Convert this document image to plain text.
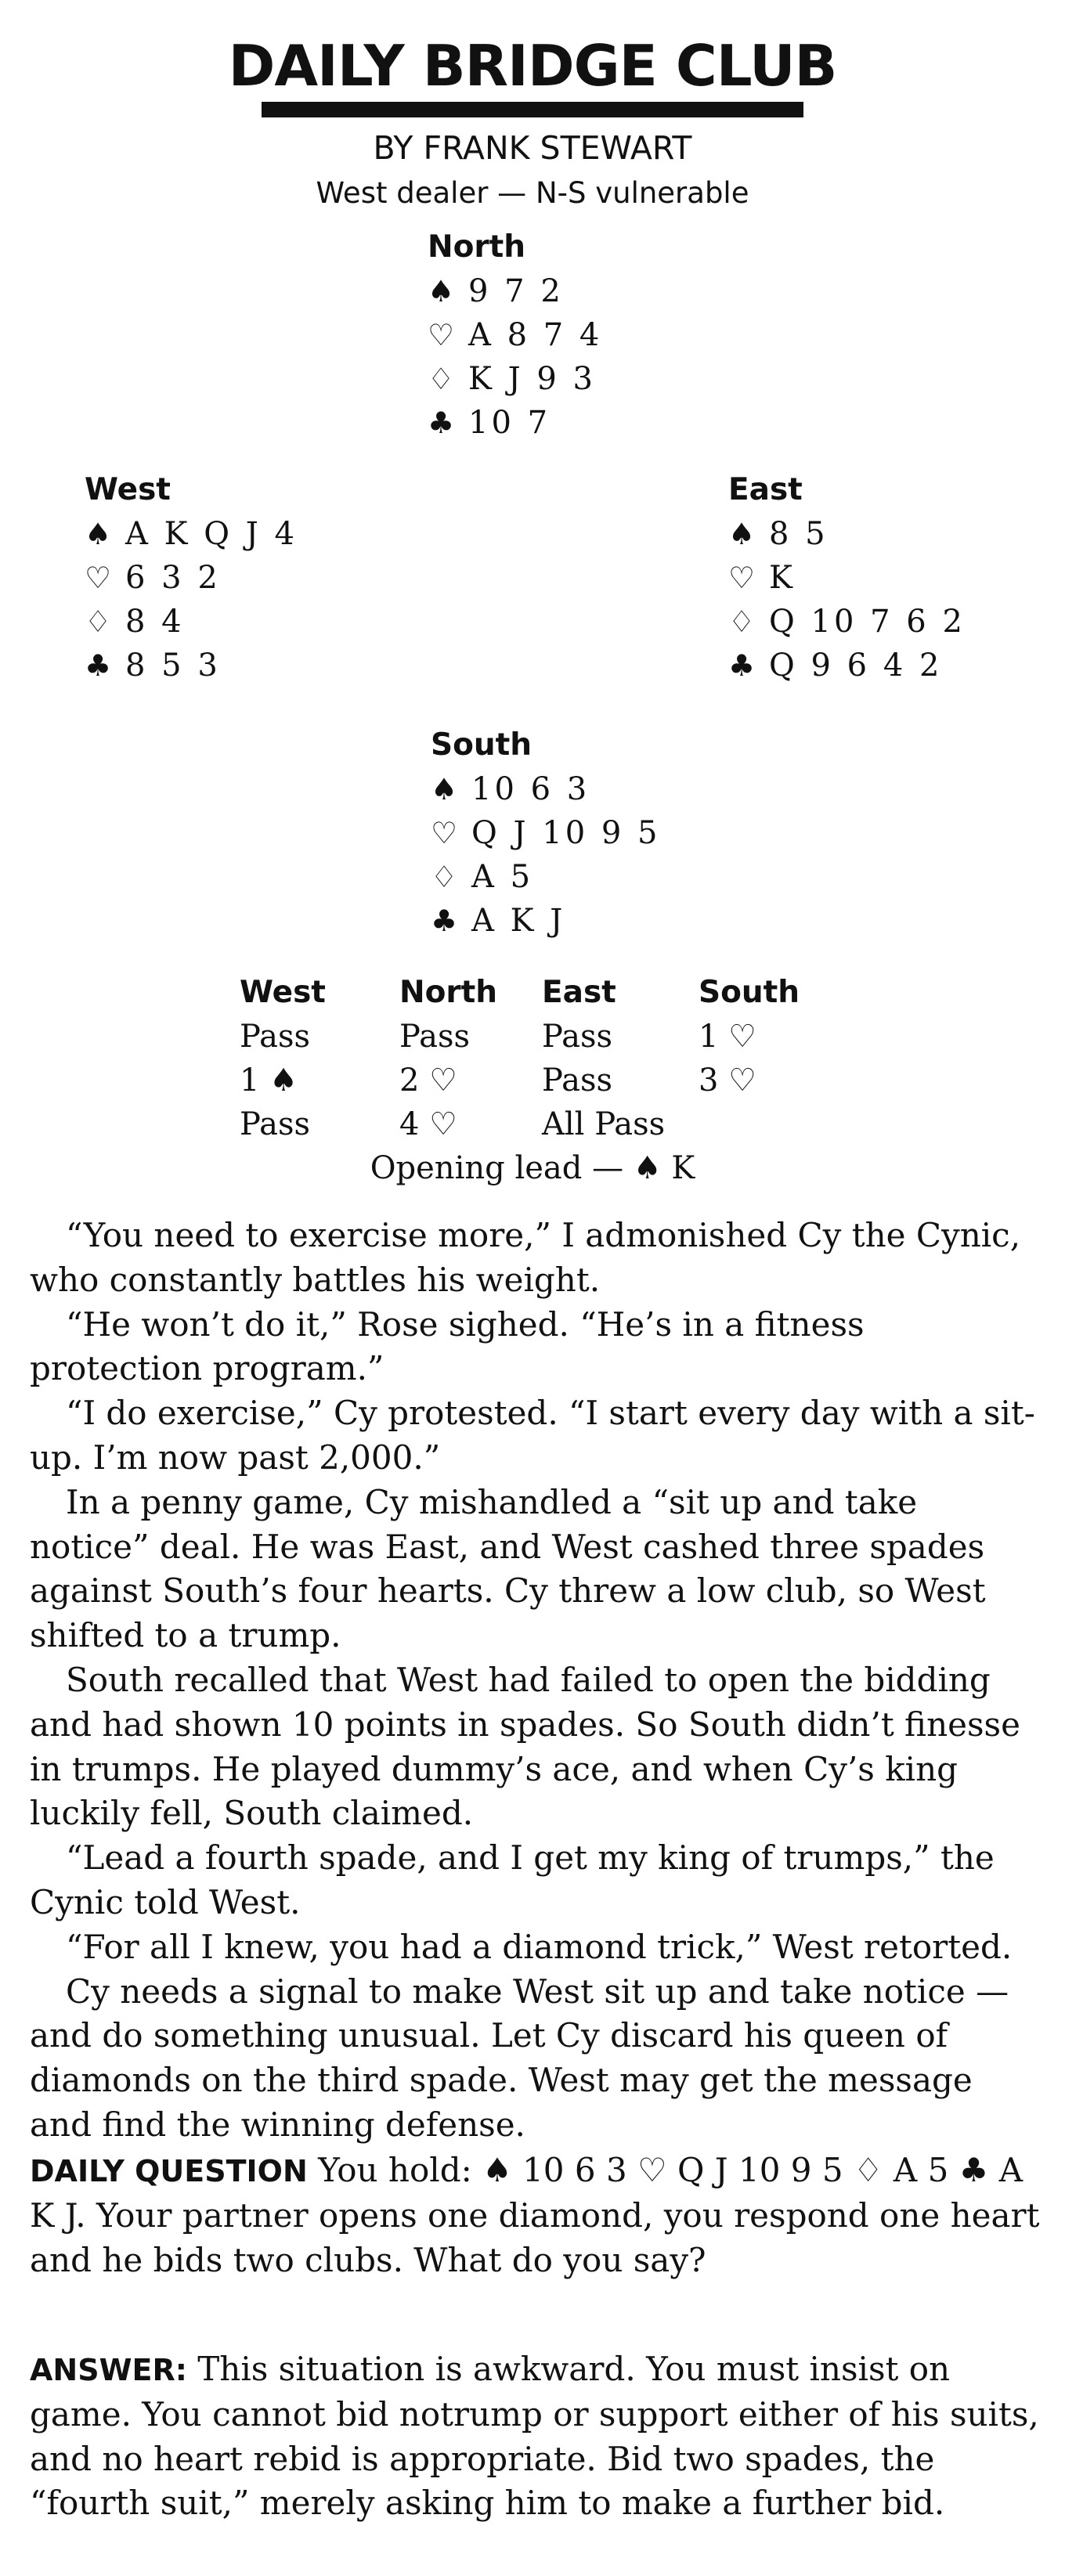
DAILY BRIDGE CLUB
BY FRANK STEWART
West dealer — N-S vulnerable
North
♠ 9 7 2
♡ A 8 7 4
♢ K J 9 3
♣ 10 7
West
♠ A K Q J 4
♡ 6 3 2
♢ 8 4
♣ 8 5 3
East
♠ 8 5
♡ K
♢ Q 10 7 6 2
♣ Q 9 6 4 2
South
♠ 10 6 3
♡ Q J 10 9 5
♢ A 5
♣ A K J
West	North	East	South
Pass	Pass	Pass	1 ♡
1 ♠	2 ♡	Pass	3 ♡
Pass	4 ♡	All Pass	
Opening lead — ♠ K

“You need to exercise more,” I admonished Cy the Cynic, who constantly battles his weight.

“He won’t do it,” Rose sighed. “He’s in a fitness protection program.”

“I do exercise,” Cy protested. “I start every day with a sit-up. I’m now past 2,000.”

In a penny game, Cy mishandled a “sit up and take notice” deal. He was East, and West cashed three spades against South’s four hearts. Cy threw a low club, so West shifted to a trump.

South recalled that West had failed to open the bidding and had shown 10 points in spades. So South didn’t finesse in trumps. He played dummy’s ace, and when Cy’s king luckily fell, South claimed.

“Lead a fourth spade, and I get my king of trumps,” the Cynic told West.

“For all I knew, you had a diamond trick,” West retorted.

Cy needs a signal to make West sit up and take notice — and do something unusual. Let Cy discard his queen of diamonds on the third spade. West may get the message and find the winning defense.

DAILY QUESTION You hold: ♠ 10 6 3 ♡ Q J 10 9 5 ♢ A 5 ♣ A K J. Your partner opens one diamond, you respond one heart and he bids two clubs. What do you say?

ANSWER: This situation is awkward. You must insist on game. You cannot bid notrump or support either of his suits, and no heart rebid is appropriate. Bid two spades, the “fourth suit,” merely asking him to make a further bid.
